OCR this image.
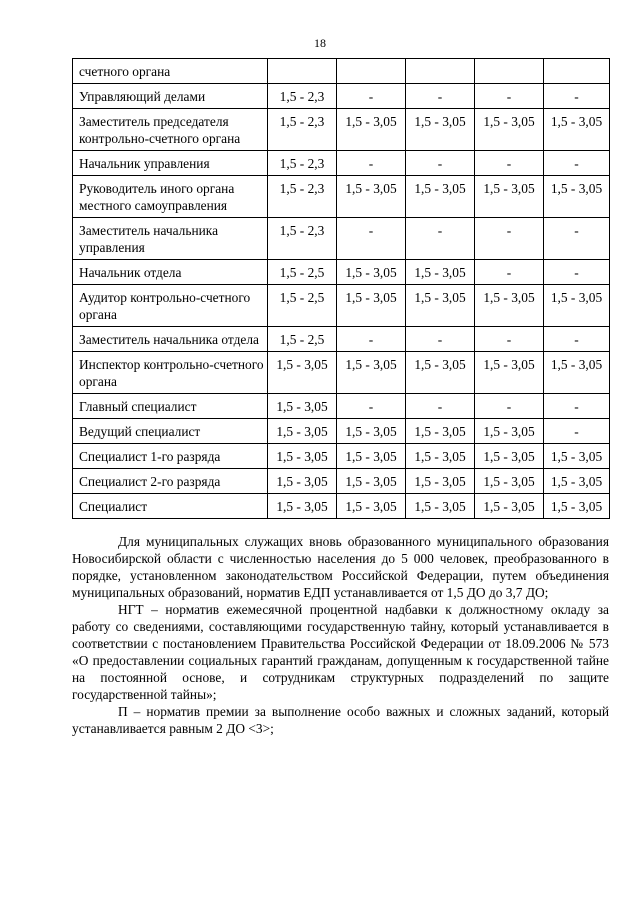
18
счетного органа					
Управляющий делами	1,5 - 2,3	-	-	-	-
Заместитель председателя контрольно-счетного органа	1,5 - 2,3	1,5 - 3,05	1,5 - 3,05	1,5 - 3,05	1,5 - 3,05
Начальник управления	1,5 - 2,3	-	-	-	-
Руководитель иного органа местного самоуправления	1,5 - 2,3	1,5 - 3,05	1,5 - 3,05	1,5 - 3,05	1,5 - 3,05
Заместитель начальника управления	1,5 - 2,3	-	-	-	-
Начальник отдела	1,5 - 2,5	1,5 - 3,05	1,5 - 3,05	-	-
Аудитор контрольно-счетного органа	1,5 - 2,5	1,5 - 3,05	1,5 - 3,05	1,5 - 3,05	1,5 - 3,05
Заместитель начальника отдела	1,5 - 2,5	-	-	-	-
Инспектор контрольно-счетного органа	1,5 - 3,05	1,5 - 3,05	1,5 - 3,05	1,5 - 3,05	1,5 - 3,05
Главный специалист	1,5 - 3,05	-	-	-	-
Ведущий специалист	1,5 - 3,05	1,5 - 3,05	1,5 - 3,05	1,5 - 3,05	-
Специалист 1-го разряда	1,5 - 3,05	1,5 - 3,05	1,5 - 3,05	1,5 - 3,05	1,5 - 3,05
Специалист 2-го разряда	1,5 - 3,05	1,5 - 3,05	1,5 - 3,05	1,5 - 3,05	1,5 - 3,05
Специалист	1,5 - 3,05	1,5 - 3,05	1,5 - 3,05	1,5 - 3,05	1,5 - 3,05

Для муниципальных служащих вновь образованного муниципального образования Новосибирской области с численностью населения до 5 000 человек, преобразованного в порядке, установленном законодательством Российской Федерации, путем объединения муниципальных образований, норматив ЕДП устанавливается от 1,5 ДО до 3,7 ДО;

НГТ – норматив ежемесячной процентной надбавки к должностному окладу за работу со сведениями, составляющими государственную тайну, который устанавливается в соответствии с постановлением Правительства Российской Федерации от 18.09.2006 № 573 «О предоставлении социальных гарантий гражданам, допущенным к государственной тайне на постоянной основе, и сотрудникам структурных подразделений по защите государственной тайны»;

П – норматив премии за выполнение особо важных и сложных заданий, который устанавливается равным 2 ДО <3>;
